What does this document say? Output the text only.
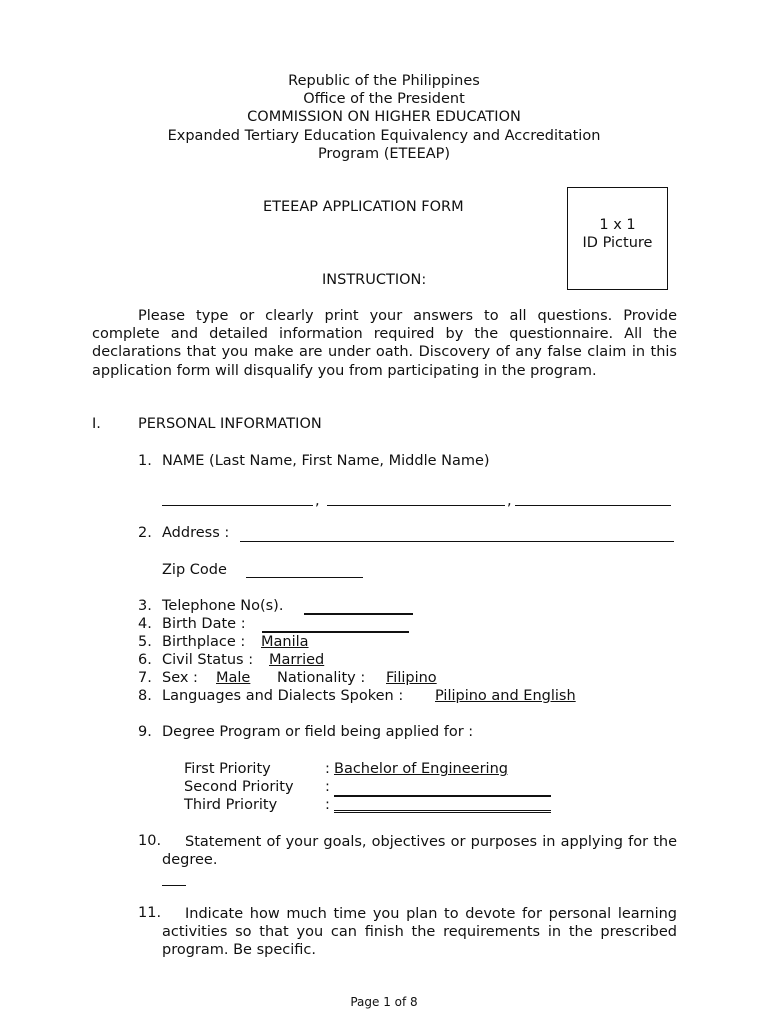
Republic of the Philippines
Office of the President
COMMISSION ON HIGHER EDUCATION
Expanded Tertiary Education Equivalency and Accreditation
Program (ETEEAP)
ETEEAP APPLICATION FORM
1 x 1
ID Picture
INSTRUCTION:
Please type or clearly print your answers to all questions. Provide complete and detailed information required by the questionnaire. All the declarations that you make are under oath. Discovery of any false claim in this application form will disqualify you from participating in the program.
I.	PERSONAL INFORMATION
1. NAME (Last Name, First Name, Middle Name)
,	,
2. Address :
Zip Code
3. Telephone No(s).
4. Birth Date :
5. Birthplace : Manila
6. Civil Status : Married
7. Sex : Male Nationality : Filipino
8. Languages and Dialects Spoken : Pilipino and English
9. Degree Program or field being applied for :
First Priority	: Bachelor of Engineering
Second Priority :
Third Priority	:
10.	Statement of your goals, objectives or purposes in applying for the degree.
11.	Indicate how much time you plan to devote for personal learning activities so that you can finish the requirements in the prescribed program. Be specific.
Page 1 of 8
